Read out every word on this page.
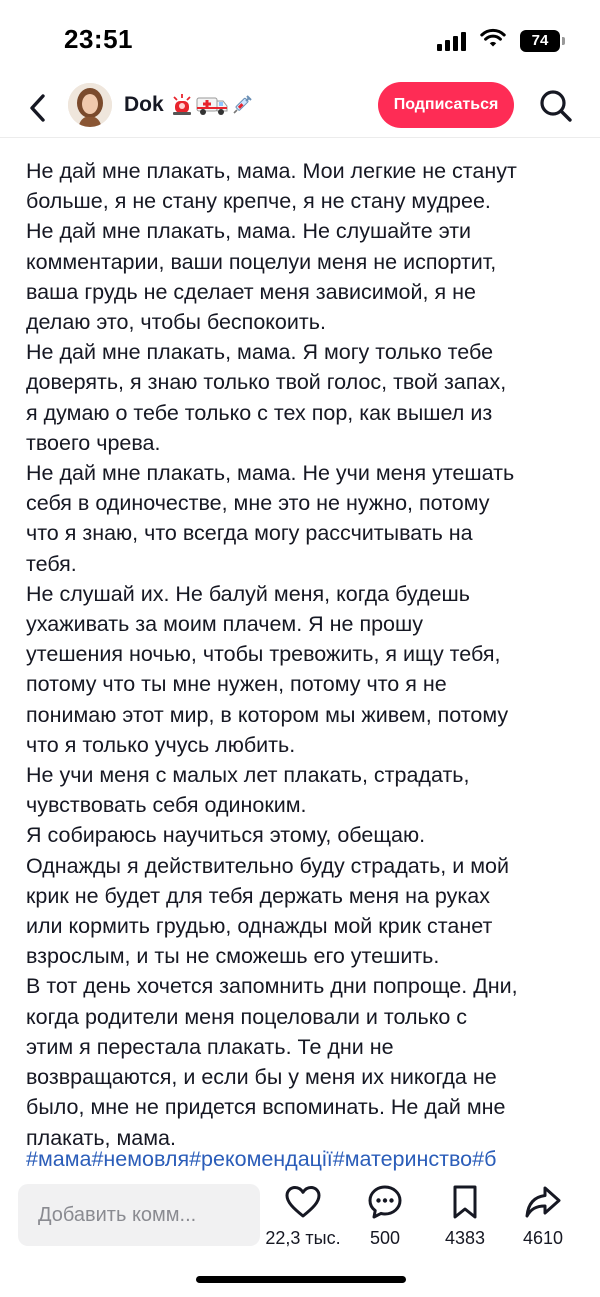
23:51	74
Dok	Подписаться

Не дай мне плакать, мама. Мои легкие не станут

больше, я не стану крепче, я не стану мудрее.

Не дай мне плакать, мама. Не слушайте эти

комментарии, ваши поцелуи меня не испортит,

ваша грудь не сделает меня зависимой, я не

делаю это, чтобы беспокоить.

Не дай мне плакать, мама. Я могу только тебе

доверять, я знаю только твой голос, твой запах,

я думаю о тебе только с тех пор, как вышел из

твоего чрева.

Не дай мне плакать, мама. Не учи меня утешать

себя в одиночестве, мне это не нужно, потому

что я знаю, что всегда могу рассчитывать на

тебя.

Не слушай их. Не балуй меня, когда будешь

ухаживать за моим плачем. Я не прошу

утешения ночью, чтобы тревожить, я ищу тебя,

потому что ты мне нужен, потому что я не

понимаю этот мир, в котором мы живем, потому

что я только учусь любить.

Не учи меня с малых лет плакать, страдать,

чувствовать себя одиноким.

Я собираюсь научиться этому, обещаю.

Однажды я действительно буду страдать, и мой

крик не будет для тебя держать меня на руках

или кормить грудью, однажды мой крик станет

взрослым, и ты не сможешь его утешить.

В тот день хочется запомнить дни попроще. Дни,

когда родители меня поцеловали и только с

этим я перестала плакать. Те дни не

возвращаются, и если бы у меня их никогда не

было, мне не придется вспоминать. Не дай мне

плакать, мама.

#мама#немовля#рекомендації#материнство#б
Добавить комм...
22,3 тыс. 500 4383 4610
